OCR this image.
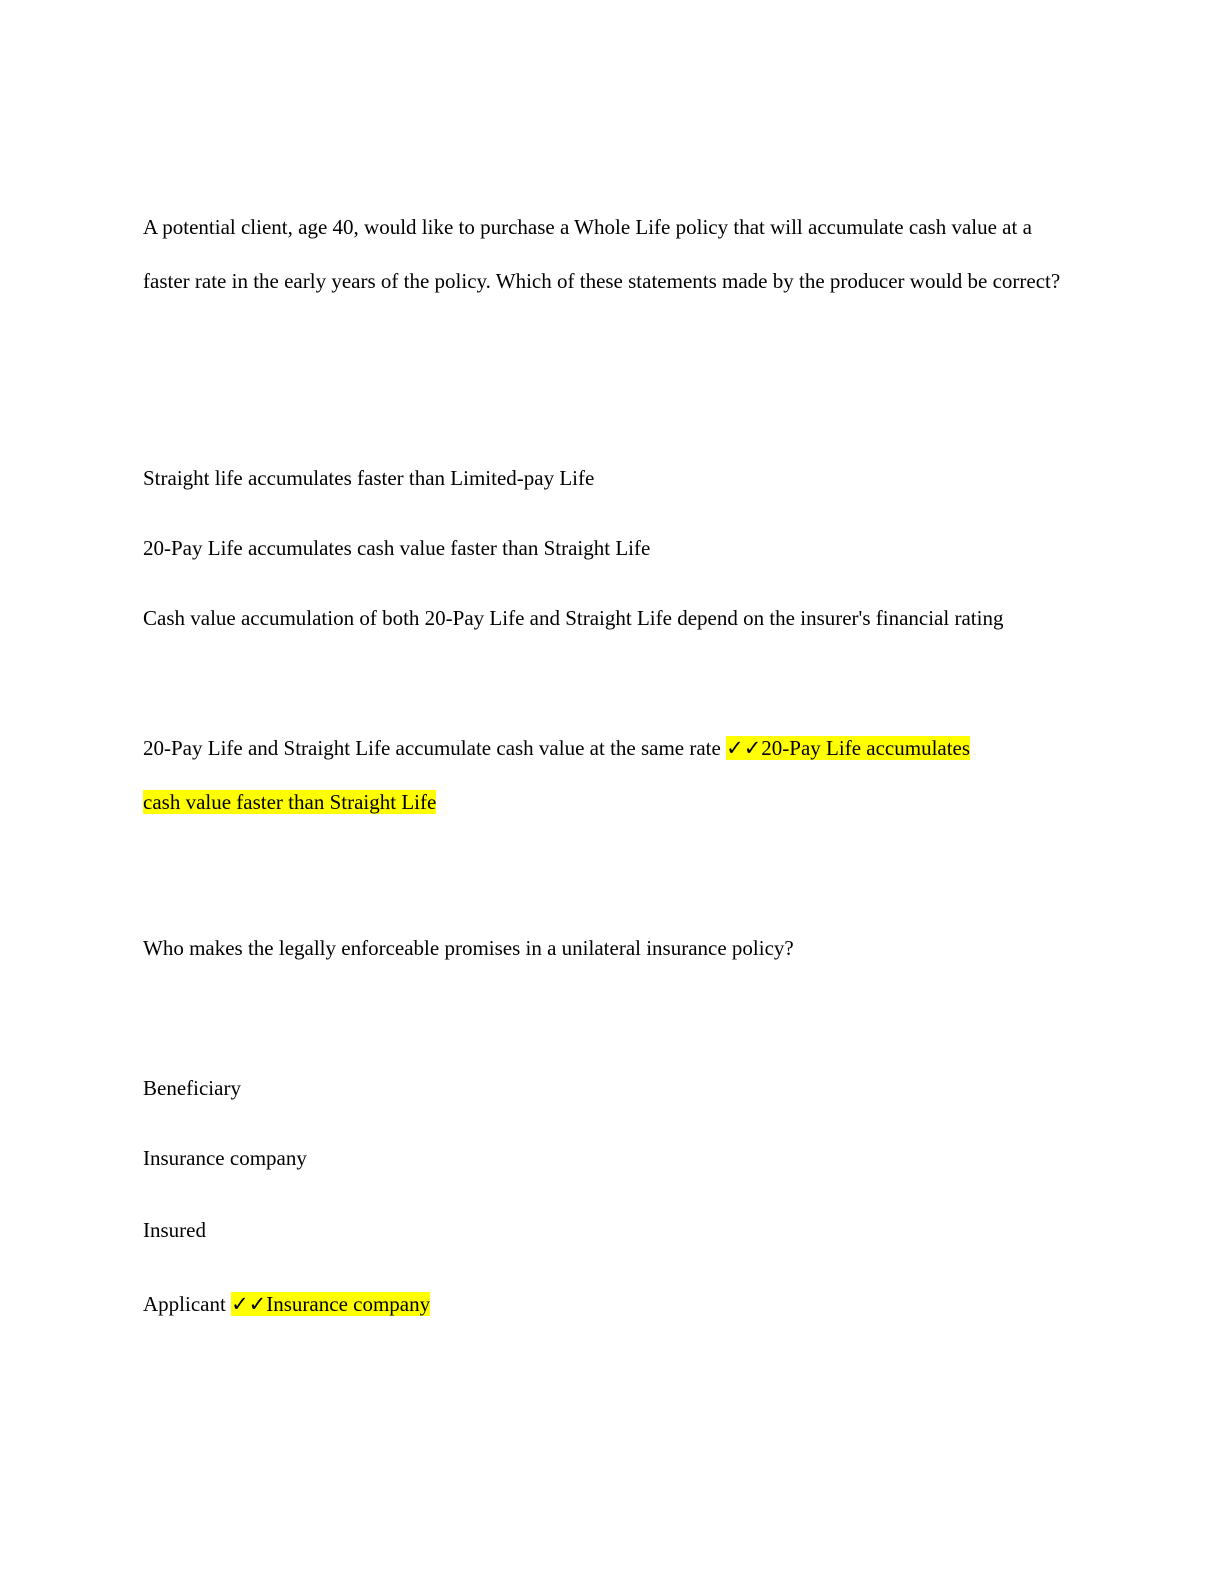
A potential client, age 40, would like to purchase a Whole Life policy that will accumulate cash value at a faster rate in the early years of the policy. Which of these statements made by the producer would be correct?

Straight life accumulates faster than Limited-pay Life

20-Pay Life accumulates cash value faster than Straight Life

Cash value accumulation of both 20-Pay Life and Straight Life depend on the insurer's financial rating

20-Pay Life and Straight Life accumulate cash value at the same rate ✓✓20-Pay Life accumulates cash value faster than Straight Life

Who makes the legally enforceable promises in a unilateral insurance policy?

Beneficiary

Insurance company

Insured

Applicant ✓✓Insurance company
